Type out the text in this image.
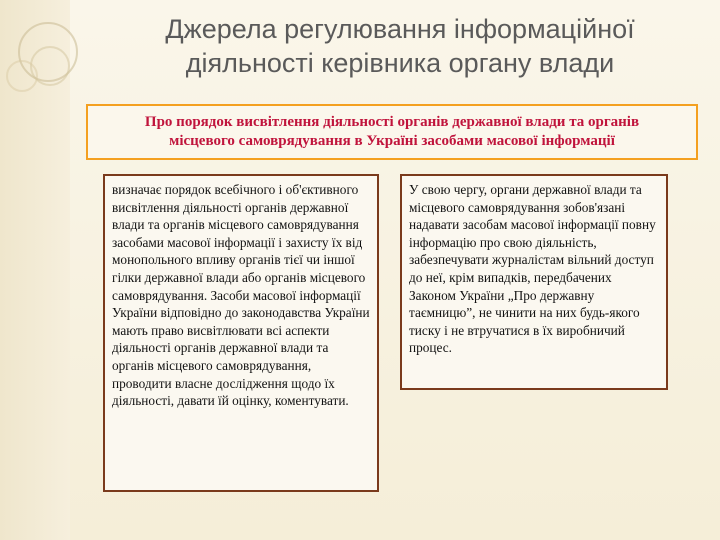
Джерела регулювання інформаційної
діяльності керівника органу влади
Про порядок висвітлення діяльності органів державної влади та органів
місцевого самоврядування в Україні засобами масової інформації
визначає порядок всебічного і об'єктивного висвітлення діяльності органів державної влади та органів місцевого самоврядування засобами масової інформації і захисту їх від монопольного впливу органів тієї чи іншої гілки державної влади або органів місцевого самоврядування. Засоби масової інформації України відповідно до законодавства України мають право висвітлювати всі аспекти діяльності органів державної влади та органів місцевого самоврядування, проводити власне дослідження щодо їх діяльності, давати їй оцінку, коментувати.
У свою чергу, органи державної влади та місцевого самоврядування зобов'язані надавати засобам масової інформації повну інформацію про свою діяльність, забезпечувати журналістам вільний доступ до неї, крім випадків, передбачених Законом України „Про державну таємницю”, не чинити на них будь-якого тиску і не втручатися в їх виробничий процес.
